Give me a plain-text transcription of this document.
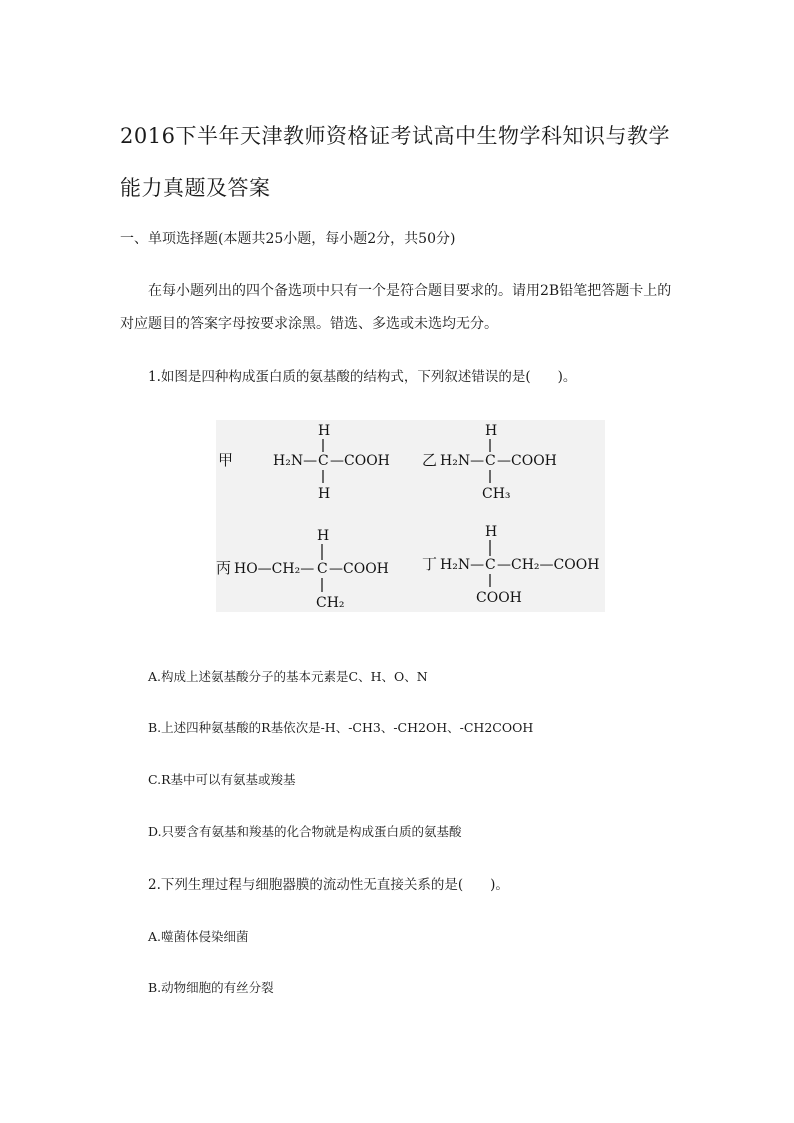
2016下半年天津教师资格证考试高中生物学科知识与教学
能力真题及答案
一、单项选择题(本题共25小题，每小题2分，共50分)
在每小题列出的四个备选项中只有一个是符合题目要求的。请用2B铅笔把答题卡上的
对应题目的答案字母按要求涂黑。错选、多选或未选均无分。
1.如图是四种构成蛋白质的氨基酸的结构式，下列叙述错误的是(　　)。
甲	H₂N— C —COOH
H
H
乙 H₂N— C —COOH
H
CH₃
丙 HO—CH₂— C —COOH
H
CH₂
丁 H₂N— C —CH₂—COOH
H
COOH
A.构成上述氨基酸分子的基本元素是C、H、O、N
B.上述四种氨基酸的R基依次是-H、-CH3、-CH2OH、-CH2COOH
C.R基中可以有氨基或羧基
D.只要含有氨基和羧基的化合物就是构成蛋白质的氨基酸
2.下列生理过程与细胞器膜的流动性无直接关系的是(　　)。
A.噬菌体侵染细菌
B.动物细胞的有丝分裂
